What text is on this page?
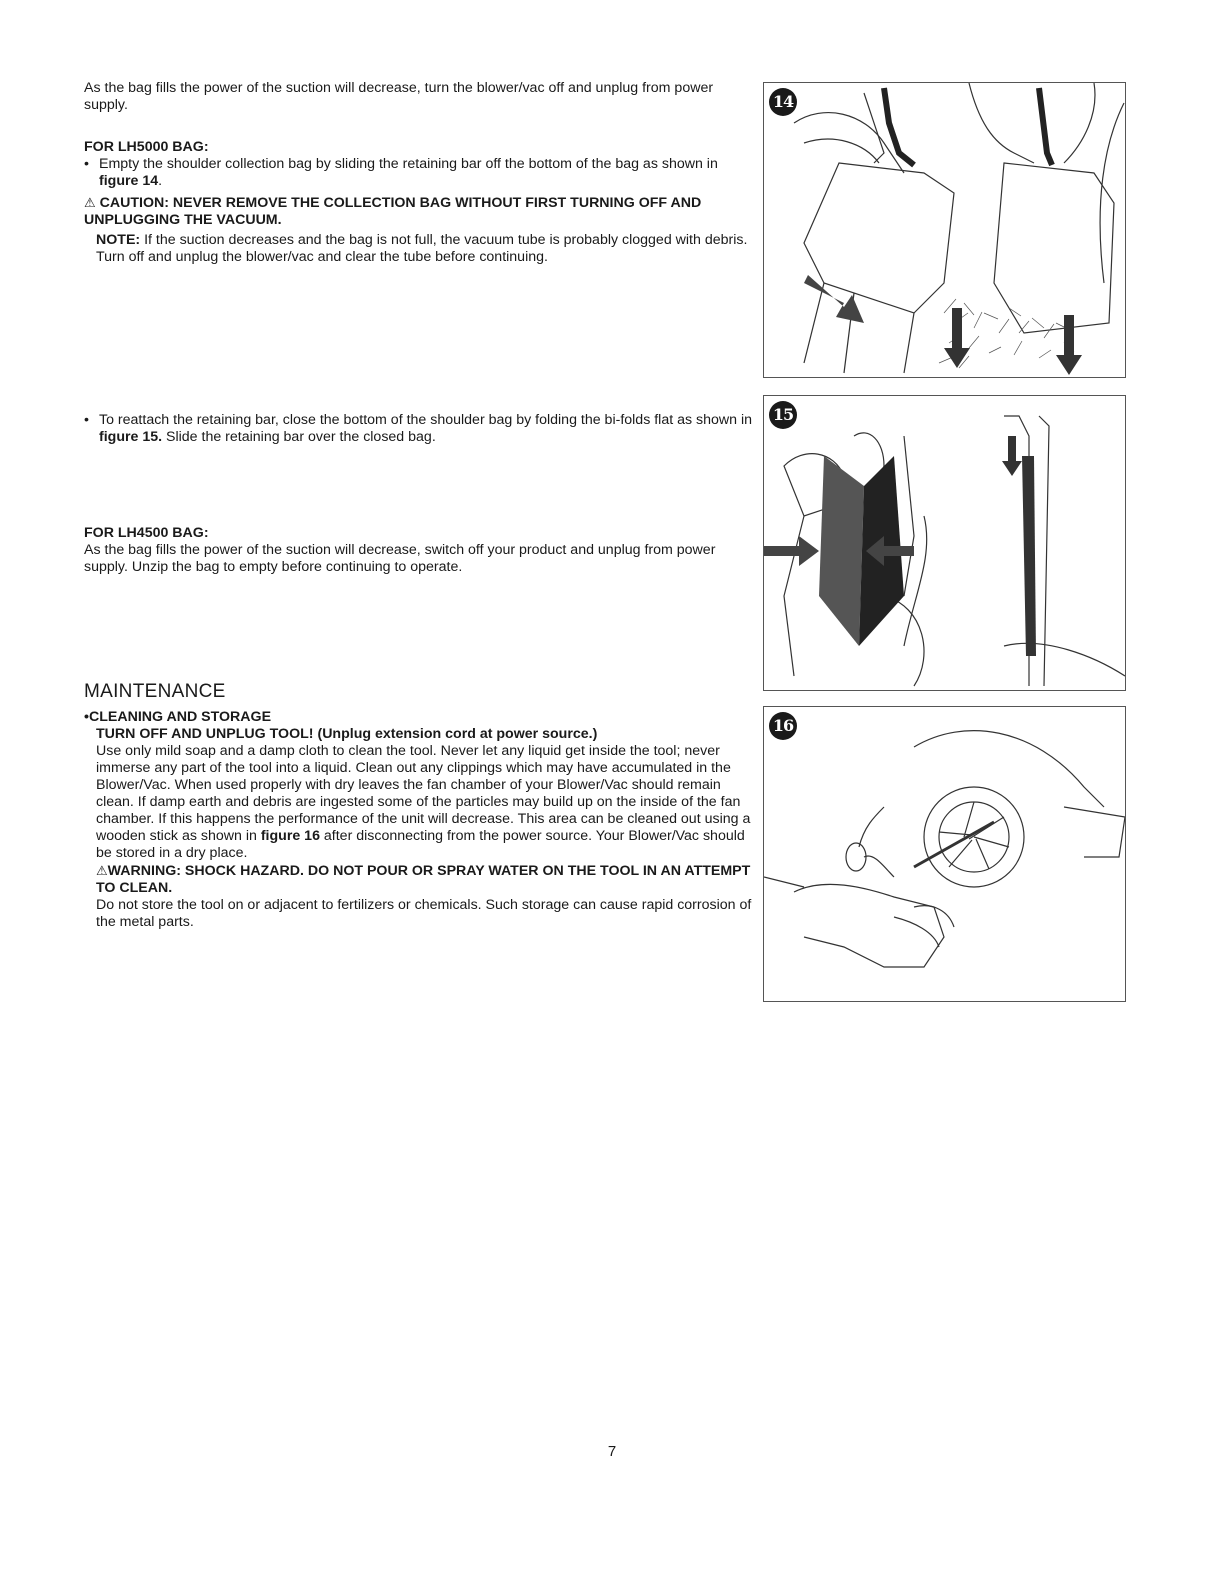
As the bag fills the power of the suction will decrease, turn the blower/vac off and unplug from power supply.

FOR LH5000 BAG:

• Empty the shoulder collection bag by sliding the retaining bar off the bottom of the bag as shown in figure 14.

⚠ CAUTION: NEVER REMOVE THE COLLECTION BAG WITHOUT FIRST TURNING OFF AND UNPLUGGING THE VACUUM.

NOTE: If the suction decreases and the bag is not full, the vacuum tube is probably clogged with debris. Turn off and unplug the blower/vac and clear the tube before continuing.

• To reattach the retaining bar, close the bottom of the shoulder bag by folding the bi-folds flat as shown in figure 15. Slide the retaining bar over the closed bag.

FOR LH4500 BAG:

As the bag fills the power of the suction will decrease, switch off your product and unplug from power supply. Unzip the bag to empty before continuing to operate.

MAINTENANCE

•CLEANING AND STORAGE

TURN OFF AND UNPLUG TOOL! (Unplug extension cord at power source.)

Use only mild soap and a damp cloth to clean the tool. Never let any liquid get inside the tool; never immerse any part of the tool into a liquid. Clean out any clippings which may have accumulated in the Blower/Vac. When used properly with dry leaves the fan chamber of your Blower/Vac should remain clean. If damp earth and debris are ingested some of the particles may build up on the inside of the fan chamber. If this happens the performance of the unit will decrease. This area can be cleaned out using a wooden stick as shown in figure 16 after disconnecting from the power source. Your Blower/Vac should be stored in a dry place.

⚠WARNING: SHOCK HAZARD. DO NOT POUR OR SPRAY WATER ON THE TOOL IN AN ATTEMPT TO CLEAN.

Do not store the tool on or adjacent to fertilizers or chemicals. Such storage can cause rapid corrosion of the metal parts.

14
15
16
7
